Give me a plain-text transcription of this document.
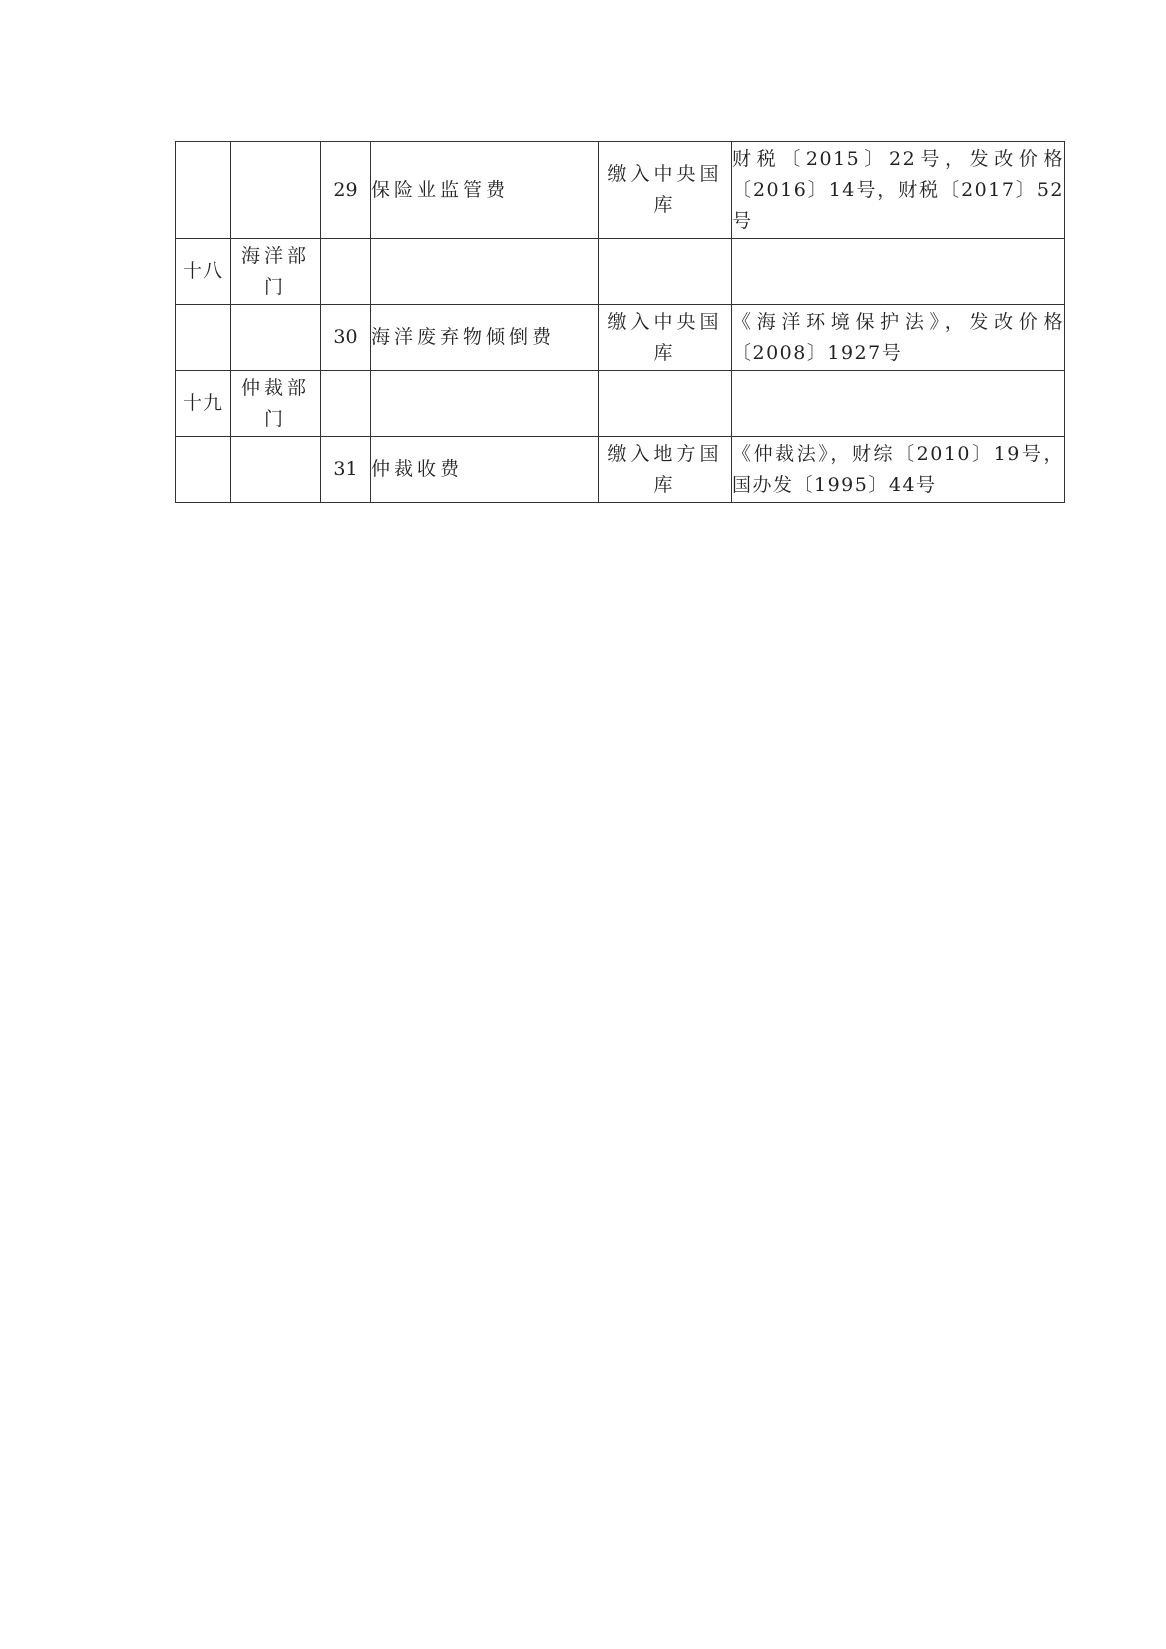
		29	保险业监管费	缴入中央国库	财税〔2015〕22号，发改价格〔2016〕14号，财税〔2017〕52号
十八	海洋部门				
		30	海洋废弃物倾倒费	缴入中央国库	《海洋环境保护法》，发改价格〔2008〕1927号
十九	仲裁部门				
		31	仲裁收费	缴入地方国库	《仲裁法》，财综〔2010〕19号，国办发〔1995〕44号
